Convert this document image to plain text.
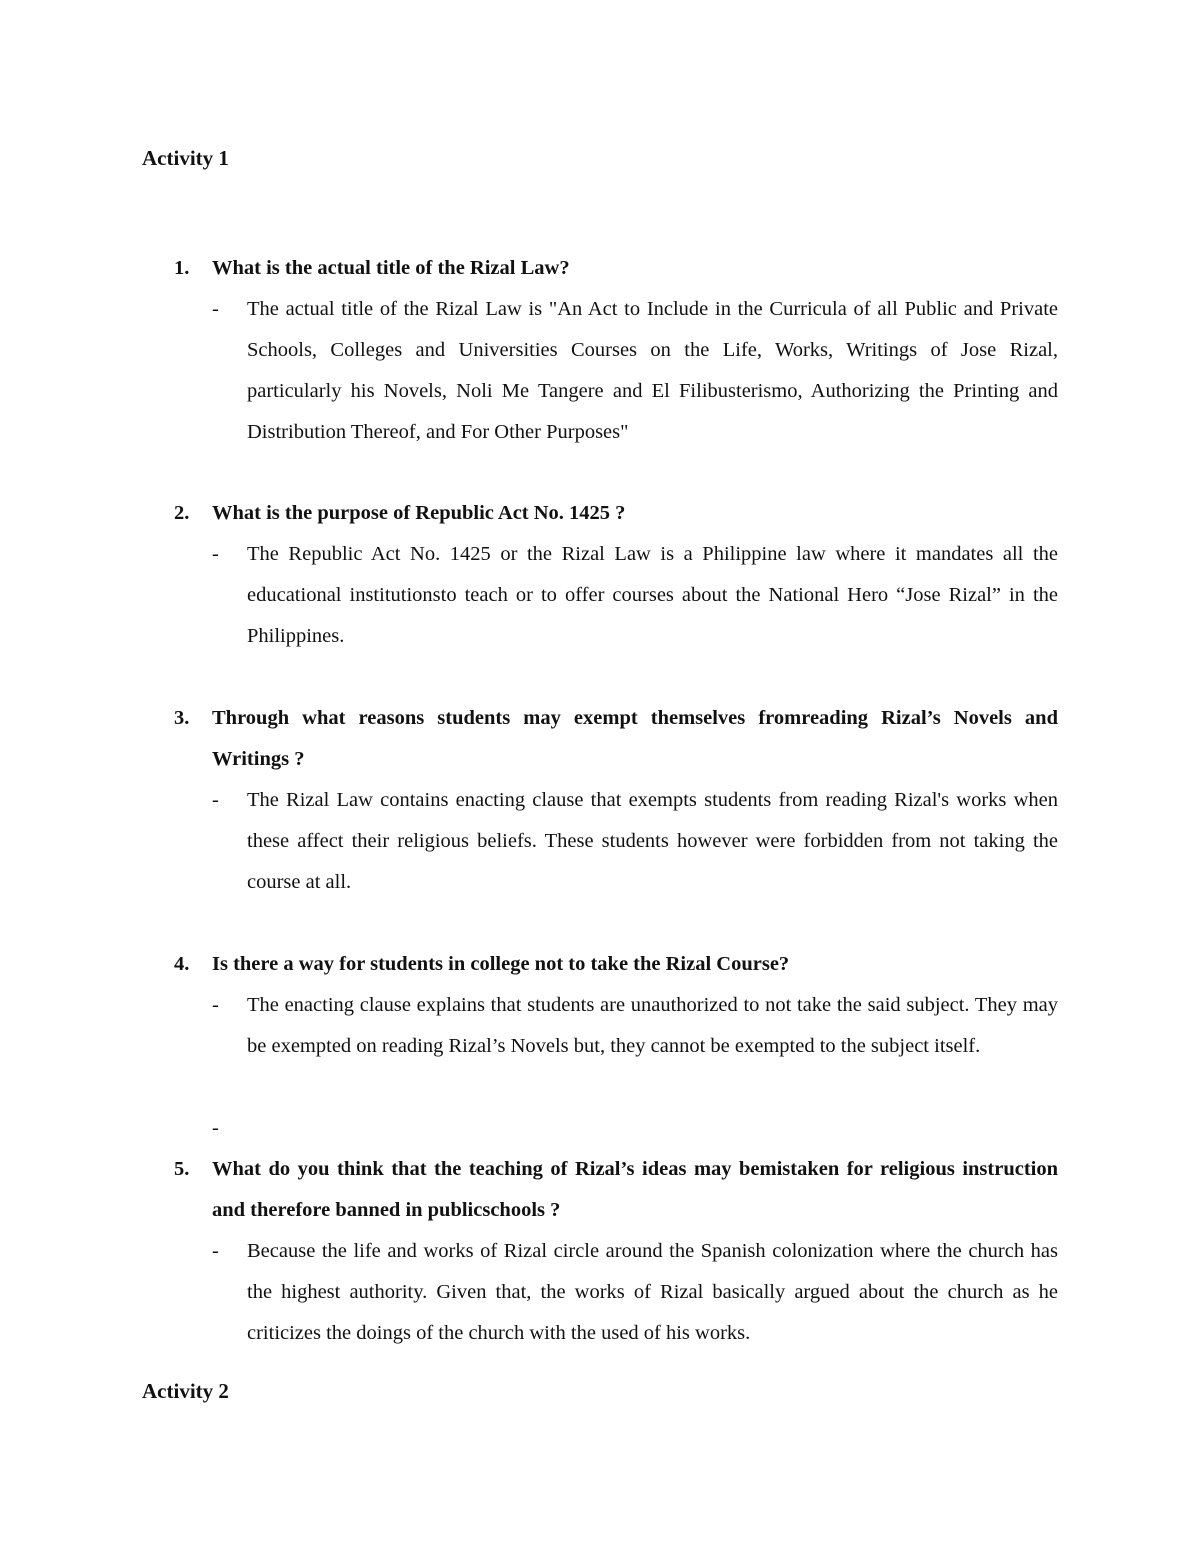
Activity 1
1. What is the actual title of the Rizal Law?
- The actual title of the Rizal Law is "An Act to Include in the Curricula of all Public and Private Schools, Colleges and Universities Courses on the Life, Works, Writings of Jose Rizal, particularly his Novels, Noli Me Tangere and El Filibusterismo, Authorizing the Printing and Distribution Thereof, and For Other Purposes"
2. What is the purpose of Republic Act No. 1425 ?
- The Republic Act No. 1425 or the Rizal Law is a Philippine law where it mandates all the educational institutionsto teach or to offer courses about the National Hero “Jose Rizal” in the Philippines.
3. Through what reasons students may exempt themselves fromreading Rizal’s Novels and Writings ?
- The Rizal Law contains enacting clause that exempts students from reading Rizal's works when these affect their religious beliefs. These students however were forbidden from not taking the course at all.
4. Is there a way for students in college not to take the Rizal Course?
- The enacting clause explains that students are unauthorized to not take the said subject. They may be exempted on reading Rizal’s Novels but, they cannot be exempted to the subject itself.
-
5. What do you think that the teaching of Rizal’s ideas may bemistaken for religious instruction and therefore banned in publicschools ?
- Because the life and works of Rizal circle around the Spanish colonization where the church has the highest authority. Given that, the works of Rizal basically argued about the church as he criticizes the doings of the church with the used of his works.
Activity 2
